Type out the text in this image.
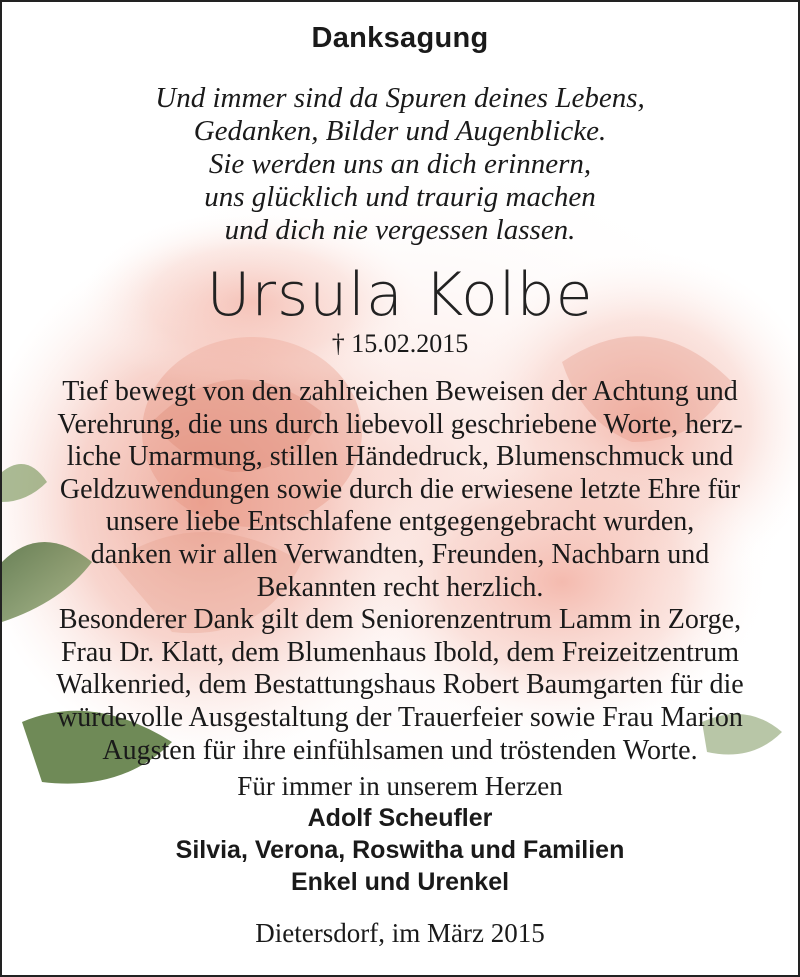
Danksagung
Und immer sind da Spuren deines Lebens,
Gedanken, Bilder und Augenblicke.
Sie werden uns an dich erinnern,
uns glücklich und traurig machen
und dich nie vergessen lassen.
Ursula Kolbe
† 15.02.2015
Tief bewegt von den zahlreichen Beweisen der Achtung und
Verehrung, die uns durch liebevoll geschriebene Worte, herz-
liche Umarmung, stillen Händedruck, Blumenschmuck und
Geldzuwendungen sowie durch die erwiesene letzte Ehre für
unsere liebe Entschlafene entgegengebracht wurden,
danken wir allen Verwandten, Freunden, Nachbarn und
Bekannten recht herzlich.
Besonderer Dank gilt dem Seniorenzentrum Lamm in Zorge,
Frau Dr. Klatt, dem Blumenhaus Ibold, dem Freizeitzentrum
Walkenried, dem Bestattungshaus Robert Baumgarten für die
würdevolle Ausgestaltung der Trauerfeier sowie Frau Marion
Augsten für ihre einfühlsamen und tröstenden Worte.
Für immer in unserem Herzen
Adolf Scheufler
Silvia, Verona, Roswitha und Familien
Enkel und Urenkel
Dietersdorf, im März 2015
